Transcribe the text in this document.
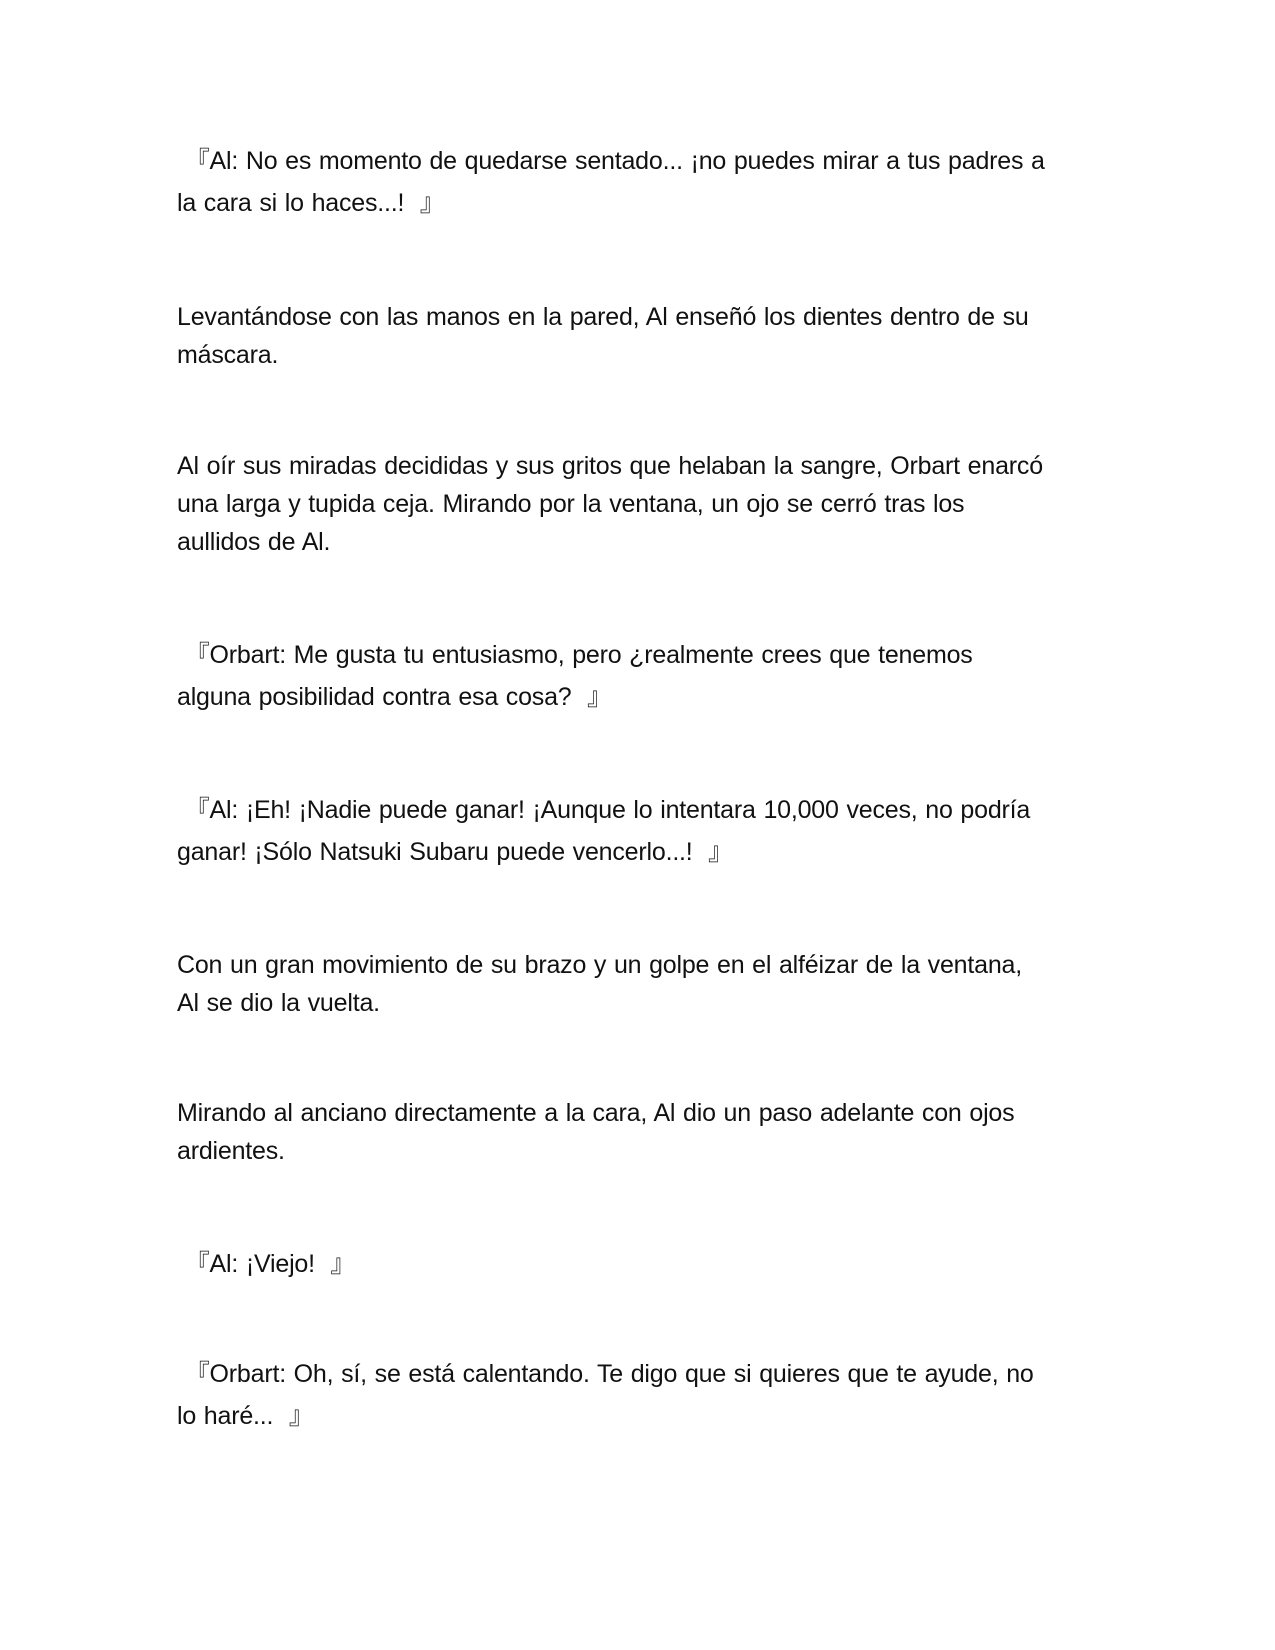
『Al: No es momento de quedarse sentado... ¡no puedes mirar a tus padres a
la cara si lo haces...!  』

Levantándose con las manos en la pared, Al enseñó los dientes dentro de su
máscara.

Al oír sus miradas decididas y sus gritos que helaban la sangre, Orbart enarcó
una larga y tupida ceja. Mirando por la ventana, un ojo se cerró tras los
aullidos de Al.

『Orbart: Me gusta tu entusiasmo, pero ¿realmente crees que tenemos
alguna posibilidad contra esa cosa?  』

『Al: ¡Eh! ¡Nadie puede ganar! ¡Aunque lo intentara 10,000 veces, no podría
ganar! ¡Sólo Natsuki Subaru puede vencerlo...!  』

Con un gran movimiento de su brazo y un golpe en el alféizar de la ventana,
Al se dio la vuelta.

Mirando al anciano directamente a la cara, Al dio un paso adelante con ojos
ardientes.

『Al: ¡Viejo!  』

『Orbart: Oh, sí, se está calentando. Te digo que si quieres que te ayude, no
lo haré...  』
